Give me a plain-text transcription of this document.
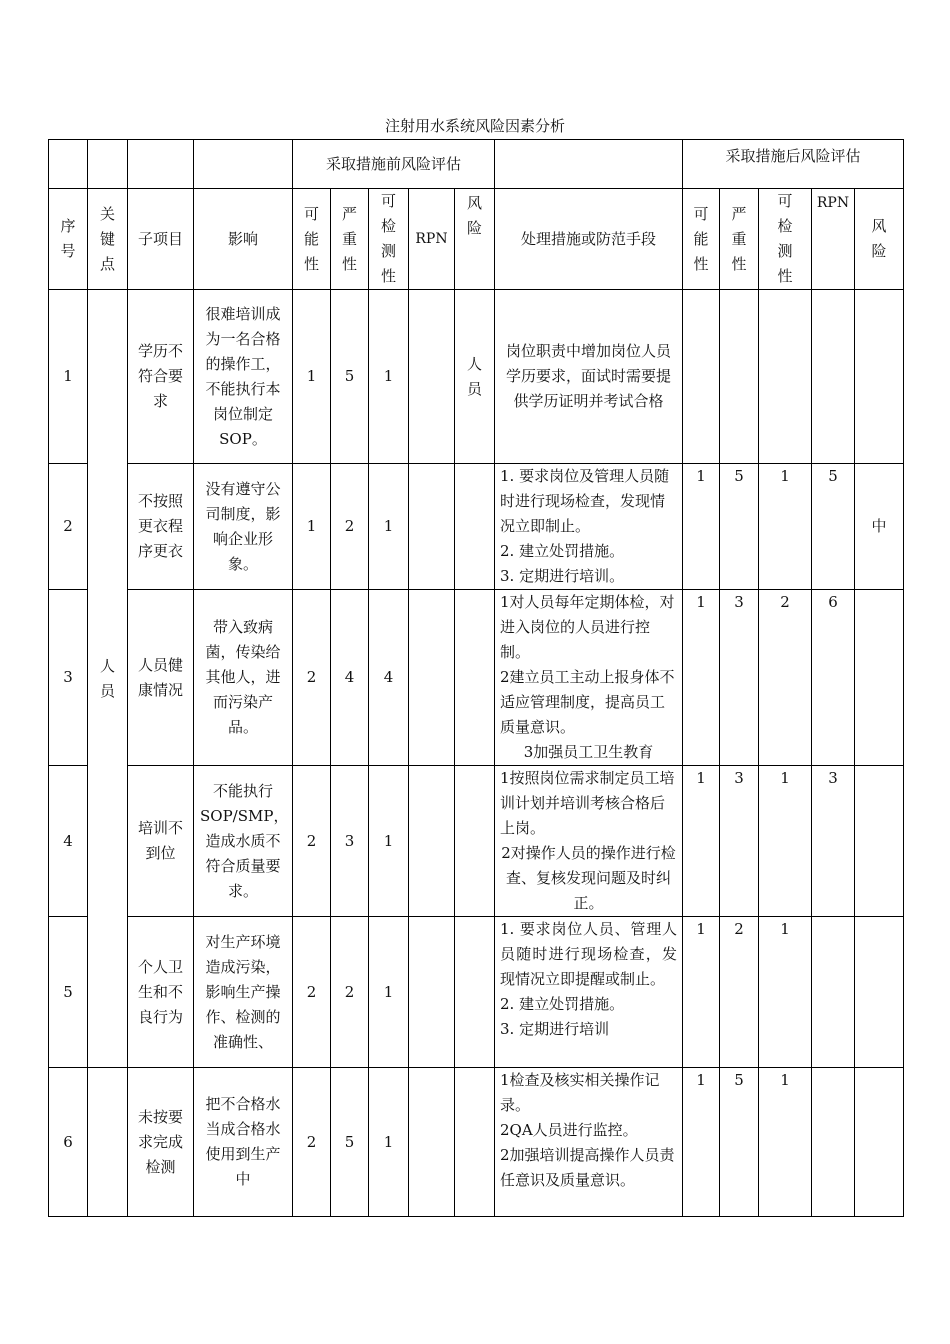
注射用水系统风险因素分析
				采取措施前风险评估						采取措施后风险评估				
序号	关键点	子项目	影响	可能性	严重性	可检测性	RPN	风险	处理措施或防范手段	可能性	严重性	可检测性	RPN	风险
1	人员	学历不符合要求	很难培训成为一名合格的操作工，不能执行本岗位制定SOP。	1	5	1		人员	岗位职责中增加岗位人员学历要求，面试时需要提供学历证明并考试合格					

2		不按照更衣程序更衣	没有遵守公司制度，影响企业形象。	1	2	1			1. 要求岗位及管理人员随时进行现场检查，发现情况立即制止。
2. 建立处罚措施。
3. 定期进行培训。	1	5	1	5	中
3		人员健康情况	带入致病菌，传染给其他人，进而污染产品。	2	4	4			1对人员每年定期体检，对进入岗位的人员进行控制。
2建立员工主动上报身体不适应管理制度，提高员工质量意识。
3加强员工卫生教育	1	3	2	6	
4		培训不到位	不能执行SOP/SMP，造成水质不符合质量要求。	2	3	1			1按照岗位需求制定员工培训计划并培训考核合格后上岗。
2对操作人员的操作进行检查、复核发现问题及时纠正。	1	3	1	3	
5		个人卫生和不良行为	对生产环境造成污染，影响生产操作、检测的准确性、	2	2	1			1. 要求岗位人员、管理人员随时进行现场检查，发现情况立即提醒或制止。
2. 建立处罚措施。
3. 定期进行培训	1	2	1		
6		未按要求完成检测	把不合格水当成合格水使用到生产中	2	5	1			1检查及核实相关操作记录。
2QA人员进行监控。
2加强培训提高操作人员责任意识及质量意识。	1	5	1		
